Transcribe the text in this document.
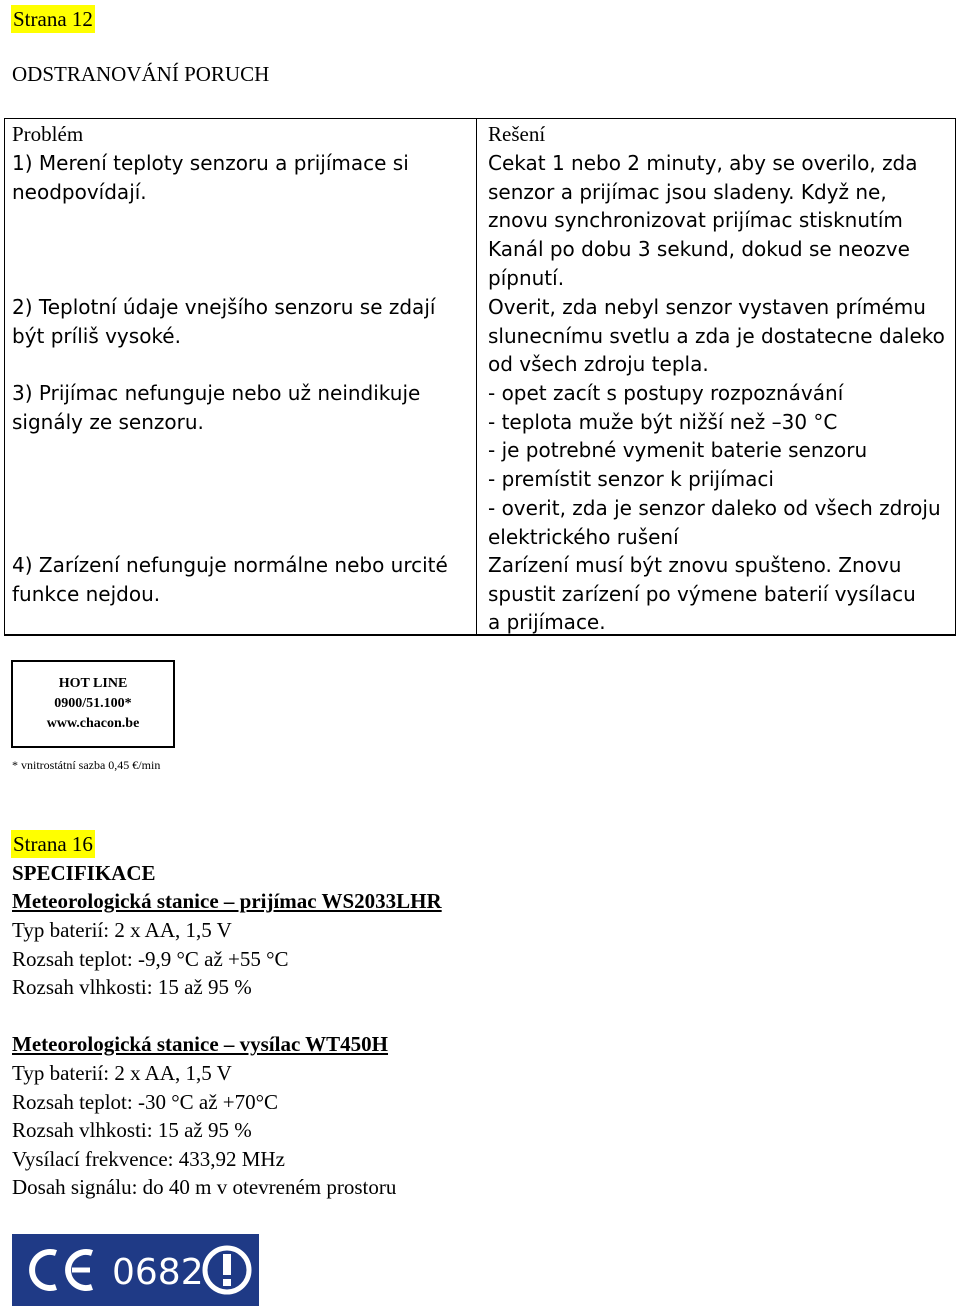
Strana 12
ODSTRANOVÁNÍ PORUCH
Problém	Rešení
1) Merení teploty senzoru a prijímace si
neodpovídají.
Cekat 1 nebo 2 minuty, aby se overilo, zda
senzor a prijímac jsou sladeny. Když ne,
znovu synchronizovat prijímac stisknutím
Kanál po dobu 3 sekund, dokud se neozve
pípnutí.
2) Teplotní údaje vnejšího senzoru se zdají
být príliš vysoké.
Overit, zda nebyl senzor vystaven prímému
slunecnímu svetlu a zda je dostatecne daleko
od všech zdroju tepla.
3) Prijímac nefunguje nebo už neindikuje
signály ze senzoru.
- opet zacít s postupy rozpoznávání
- teplota muže být nižší než –30 °C
- je potrebné vymenit baterie senzoru
- premístit senzor k prijímaci
- overit, zda je senzor daleko od všech zdroju
elektrického rušení
4) Zarízení nefunguje normálne nebo urcité
funkce nejdou.
Zarízení musí být znovu spušteno. Znovu
spustit zarízení po výmene baterií vysílacu
a prijímace.
HOT LINE
0900/51.100*
www.chacon.be
* vnitrostátní sazba 0,45 €/min
Strana 16
SPECIFIKACE
Meteorologická stanice – prijímac WS2033LHR
Typ baterií: 2 x AA, 1,5 V
Rozsah teplot: -9,9 °C až +55 °C
Rozsah vlhkosti: 15 až 95 %
Meteorologická stanice – vysílac WT450H
Typ baterií: 2 x AA, 1,5 V
Rozsah teplot: -30 °C až +70°C
Rozsah vlhkosti: 15 až 95 %
Vysílací frekvence: 433,92 MHz
Dosah signálu: do 40 m v otevreném prostoru
0682
